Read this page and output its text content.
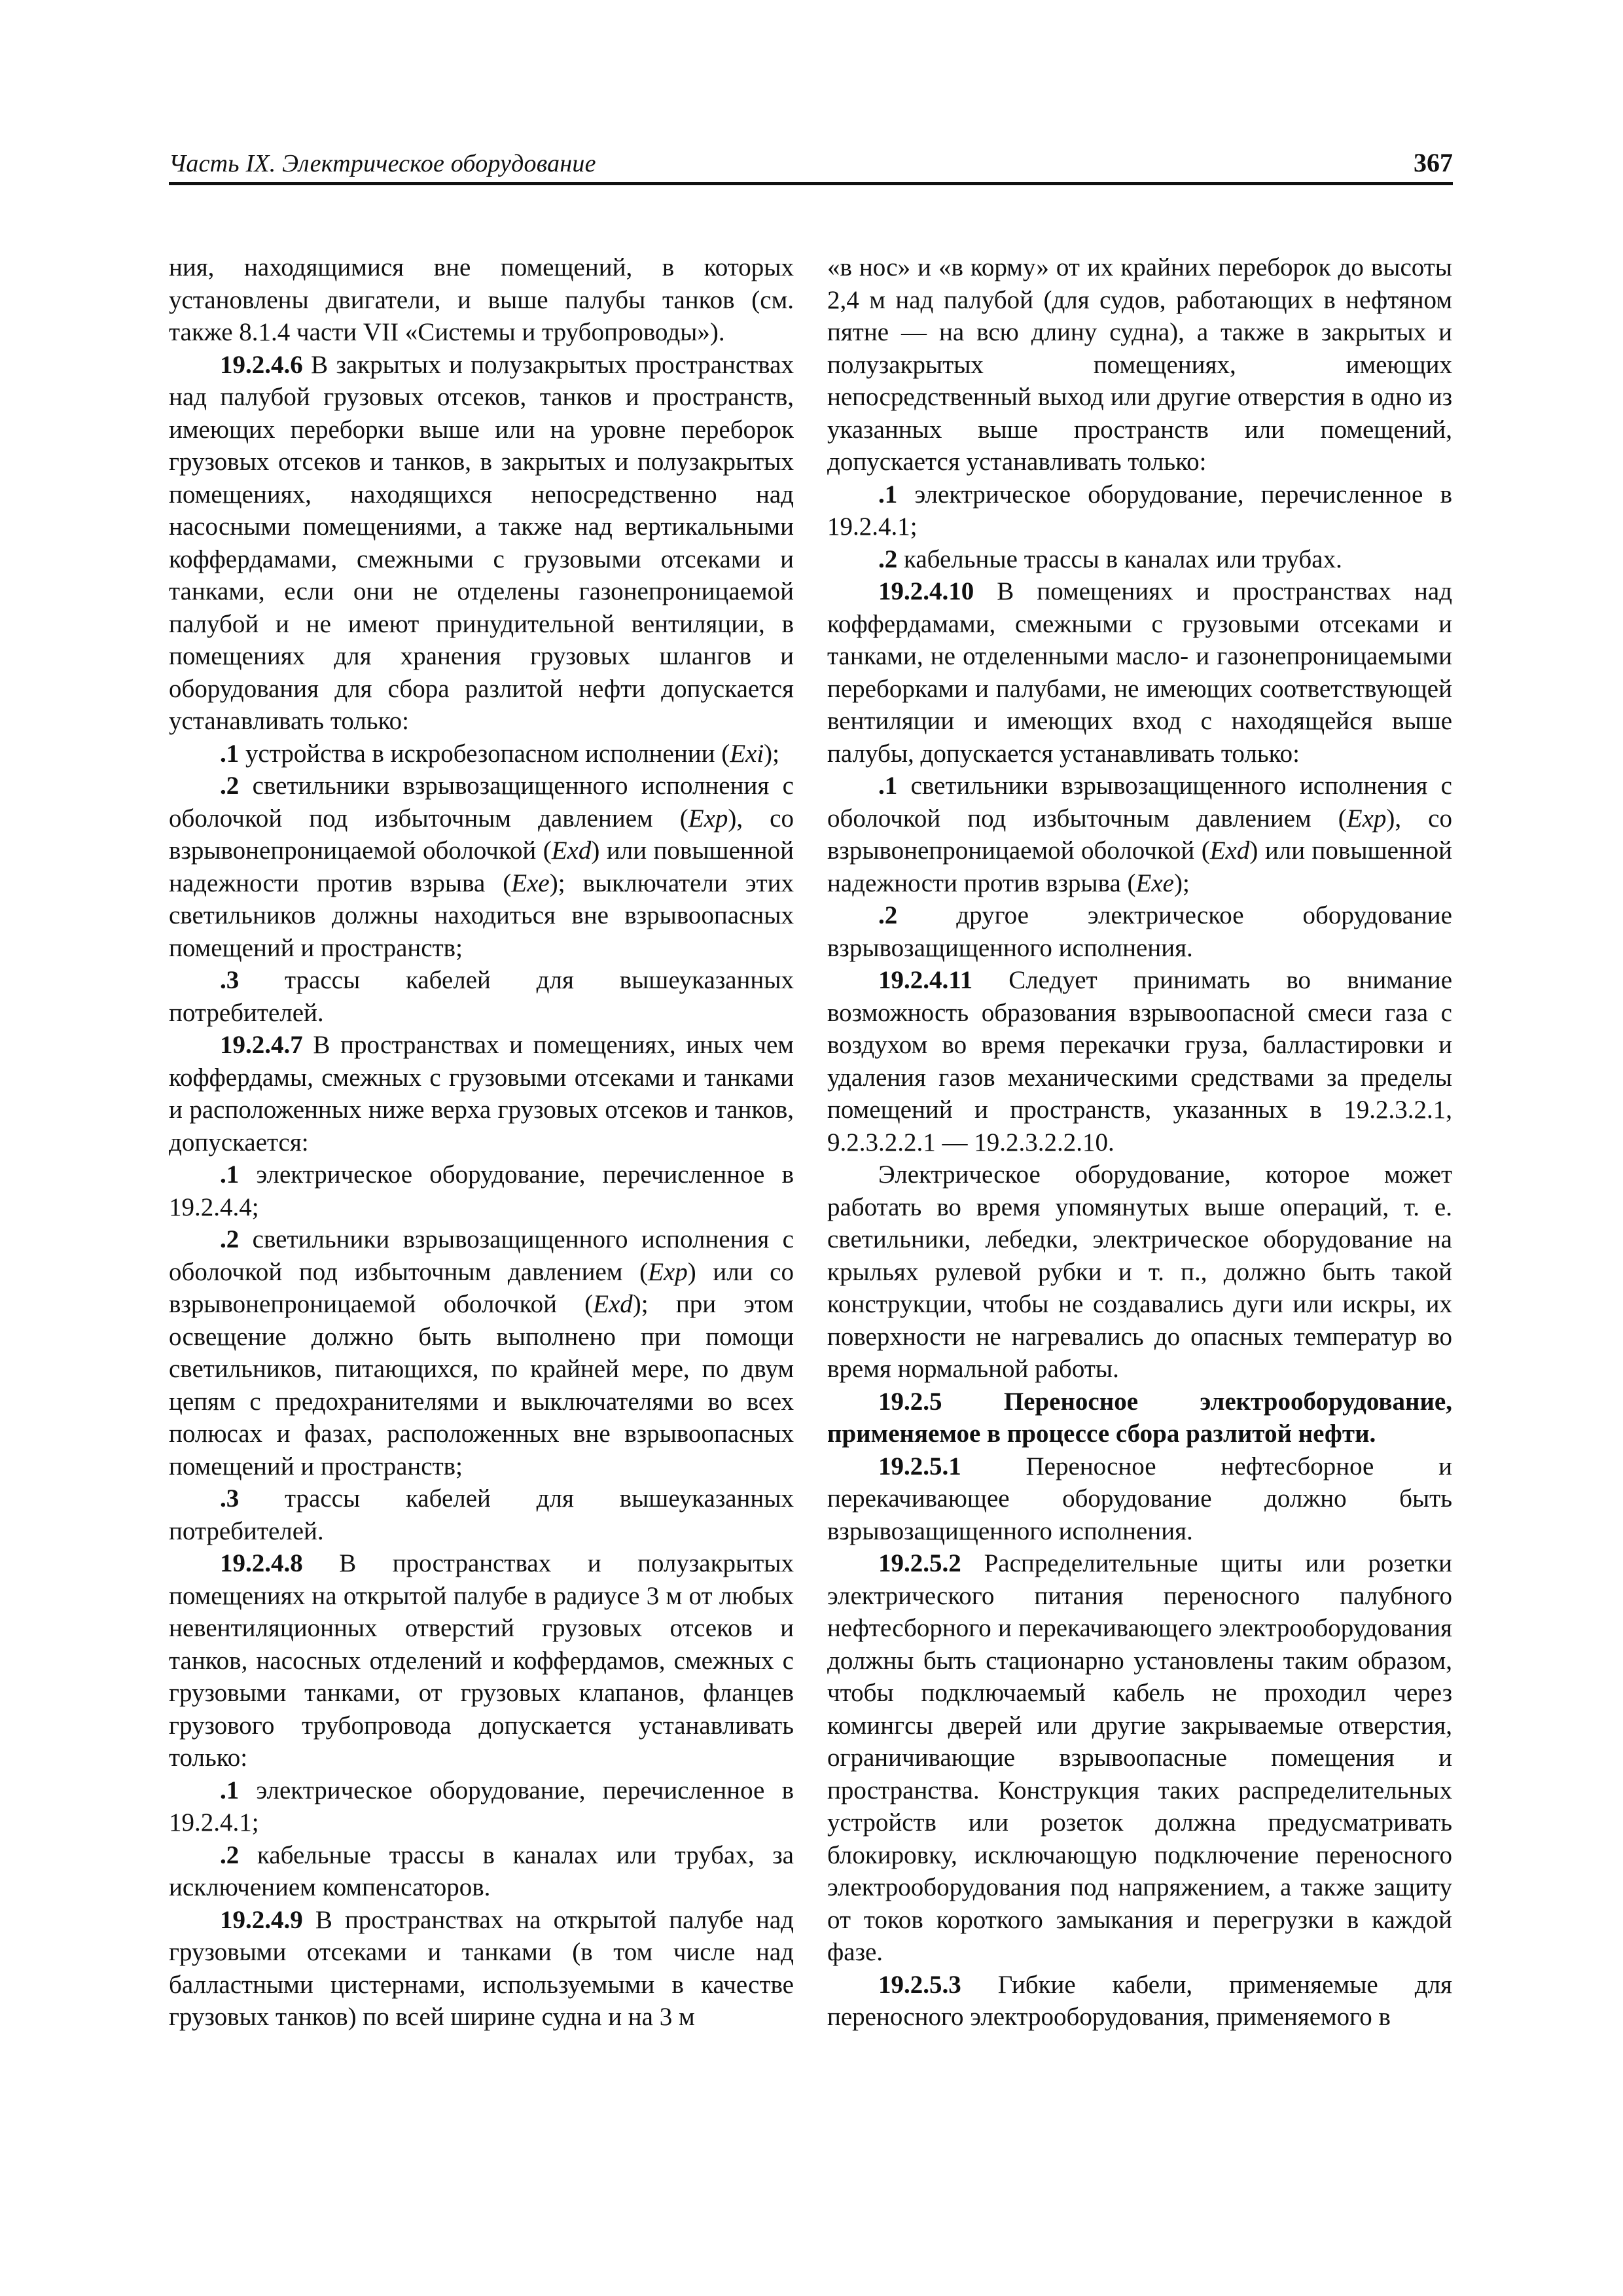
Часть IX. Электрическое оборудование	367

ния, находящимися вне помещений, в которых установлены двигатели, и выше палубы танков (см. также 8.1.4 части VII «Системы и трубопроводы»).

19.2.4.6 В закрытых и полузакрытых пространствах над палубой грузовых отсеков, танков и пространств, имеющих переборки выше или на уровне переборок грузовых отсеков и танков, в закрытых и полузакрытых помещениях, находящихся непосредственно над насосными помещениями, а также над вертикальными коффердамами, смежными с грузовыми отсеками и танками, если они не отделены газонепроницаемой палубой и не имеют принудительной вентиляции, в помещениях для хранения грузовых шлангов и оборудования для сбора разлитой нефти допускается устанавливать только:

.1 устройства в искробезопасном исполнении (Exi);

.2 светильники взрывозащищенного исполнения с оболочкой под избыточным давлением (Exp), со взрывонепроницаемой оболочкой (Exd) или повышенной надежности против взрыва (Exe); выключатели этих светильников должны находиться вне взрывоопасных помещений и пространств;

.3 трассы кабелей для вышеуказанных потребителей.

19.2.4.7 В пространствах и помещениях, иных чем коффердамы, смежных с грузовыми отсеками и танками и расположенных ниже верха грузовых отсеков и танков, допускается:

.1 электрическое оборудование, перечисленное в 19.2.4.4;

.2 светильники взрывозащищенного исполнения с оболочкой под избыточным давлением (Exp) или со взрывонепроницаемой оболочкой (Exd); при этом освещение должно быть выполнено при помощи светильников, питающихся, по крайней мере, по двум цепям с предохранителями и выключателями во всех полюсах и фазах, расположенных вне взрывоопасных помещений и пространств;

.3 трассы кабелей для вышеуказанных потребителей.

19.2.4.8 В пространствах и полузакрытых помещениях на открытой палубе в радиусе 3 м от любых невентиляционных отверстий грузовых отсеков и танков, насосных отделений и коффердамов, смежных с грузовыми танками, от грузовых клапанов, фланцев грузового трубопровода допускается устанавливать только:

.1 электрическое оборудование, перечисленное в 19.2.4.1;

.2 кабельные трассы в каналах или трубах, за исключением компенсаторов.

19.2.4.9 В пространствах на открытой палубе над грузовыми отсеками и танками (в том числе над балластными цистернами, используемыми в качестве грузовых танков) по всей ширине судна и на 3 м

«в нос» и «в корму» от их крайних переборок до высоты 2,4 м над палубой (для судов, работающих в нефтяном пятне — на всю длину судна), а также в закрытых и полузакрытых помещениях, имеющих непосредственный выход или другие отверстия в одно из указанных выше пространств или помещений, допускается устанавливать только:

.1 электрическое оборудование, перечисленное в 19.2.4.1;

.2 кабельные трассы в каналах или трубах.

19.2.4.10 В помещениях и пространствах над коффердамами, смежными с грузовыми отсеками и танками, не отделенными масло- и газонепроницаемыми переборками и палубами, не имеющих соответствующей вентиляции и имеющих вход с находящейся выше палубы, допускается устанавливать только:

.1 светильники взрывозащищенного исполнения с оболочкой под избыточным давлением (Exp), со взрывонепроницаемой оболочкой (Exd) или повышенной надежности против взрыва (Exe);

.2 другое электрическое оборудование взрывозащищенного исполнения.

19.2.4.11 Следует принимать во внимание возможность образования взрывоопасной смеси газа с воздухом во время перекачки груза, балластировки и удаления газов механическими средствами за пределы помещений и пространств, указанных в 19.2.3.2.1, 9.2.3.2.2.1 — 19.2.3.2.2.10.

Электрическое оборудование, которое может работать во время упомянутых выше операций, т. е. светильники, лебедки, электрическое оборудование на крыльях рулевой рубки и т. п., должно быть такой конструкции, чтобы не создавались дуги или искры, их поверхности не нагревались до опасных температур во время нормальной работы.

19.2.5 Переносное электрооборудование, применяемое в процессе сбора разлитой нефти.

19.2.5.1 Переносное нефтесборное и перекачивающее оборудование должно быть взрывозащищенного исполнения.

19.2.5.2 Распределительные щиты или розетки электрического питания переносного палубного нефтесборного и перекачивающего электрооборудования должны быть стационарно установлены таким образом, чтобы подключаемый кабель не проходил через комингсы дверей или другие закрываемые отверстия, ограничивающие взрывоопасные помещения и пространства. Конструкция таких распределительных устройств или розеток должна предусматривать блокировку, исключающую подключение переносного электрооборудования под напряжением, а также защиту от токов короткого замыкания и перегрузки в каждой фазе.

19.2.5.3 Гибкие кабели, применяемые для переносного электрооборудования, применяемого в
